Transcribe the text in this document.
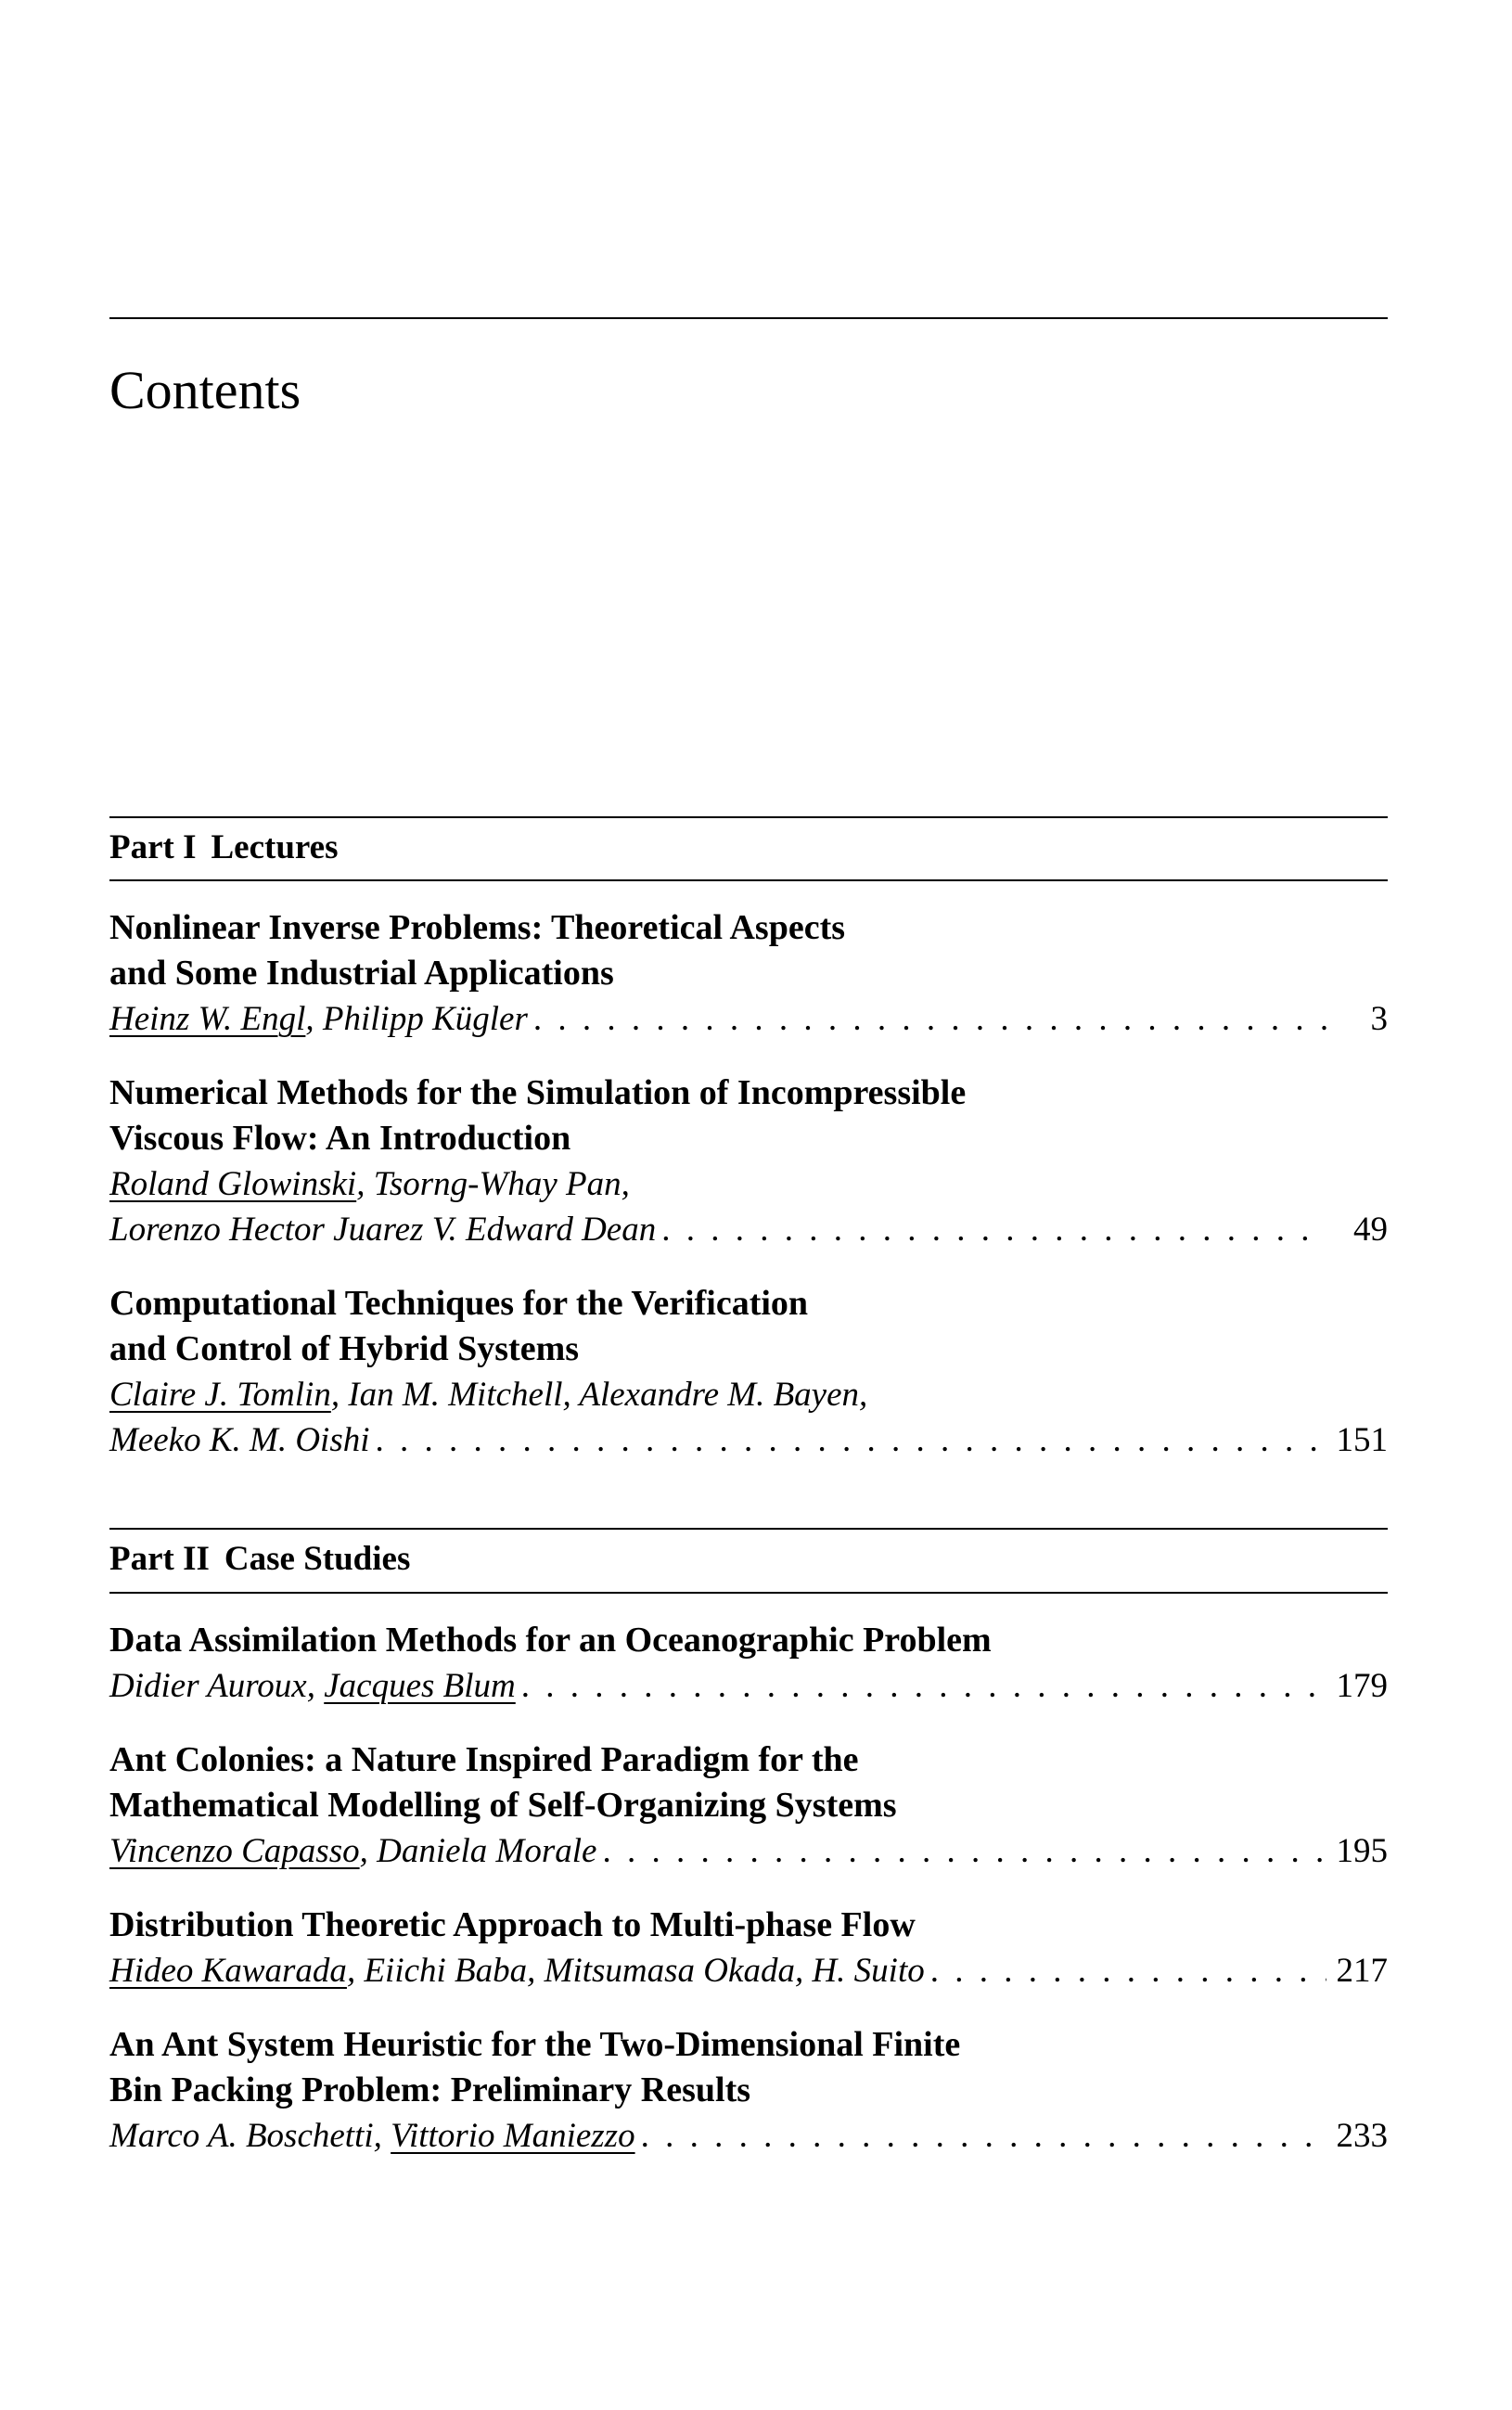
Contents
Part I Lectures
Nonlinear Inverse Problems: Theoretical Aspects
and Some Industrial Applications
Heinz W. Engl, Philipp Kügler . . .	3
Numerical Methods for the Simulation of Incompressible
Viscous Flow: An Introduction
Roland Glowinski, Tsorng-Whay Pan,
Lorenzo Hector Juarez V. Edward Dean . . .	49
Computational Techniques for the Verification
and Control of Hybrid Systems
Claire J. Tomlin, Ian M. Mitchell, Alexandre M. Bayen,
Meeko K. M. Oishi . . .	151
Part II Case Studies
Data Assimilation Methods for an Oceanographic Problem
Didier Auroux, Jacques Blum . . .	179
Ant Colonies: a Nature Inspired Paradigm for the
Mathematical Modelling of Self-Organizing Systems
Vincenzo Capasso, Daniela Morale . . .	195
Distribution Theoretic Approach to Multi-phase Flow
Hideo Kawarada, Eiichi Baba, Mitsumasa Okada, H. Suito . . .	217
An Ant System Heuristic for the Two-Dimensional Finite
Bin Packing Problem: Preliminary Results
Marco A. Boschetti, Vittorio Maniezzo . . .	233
